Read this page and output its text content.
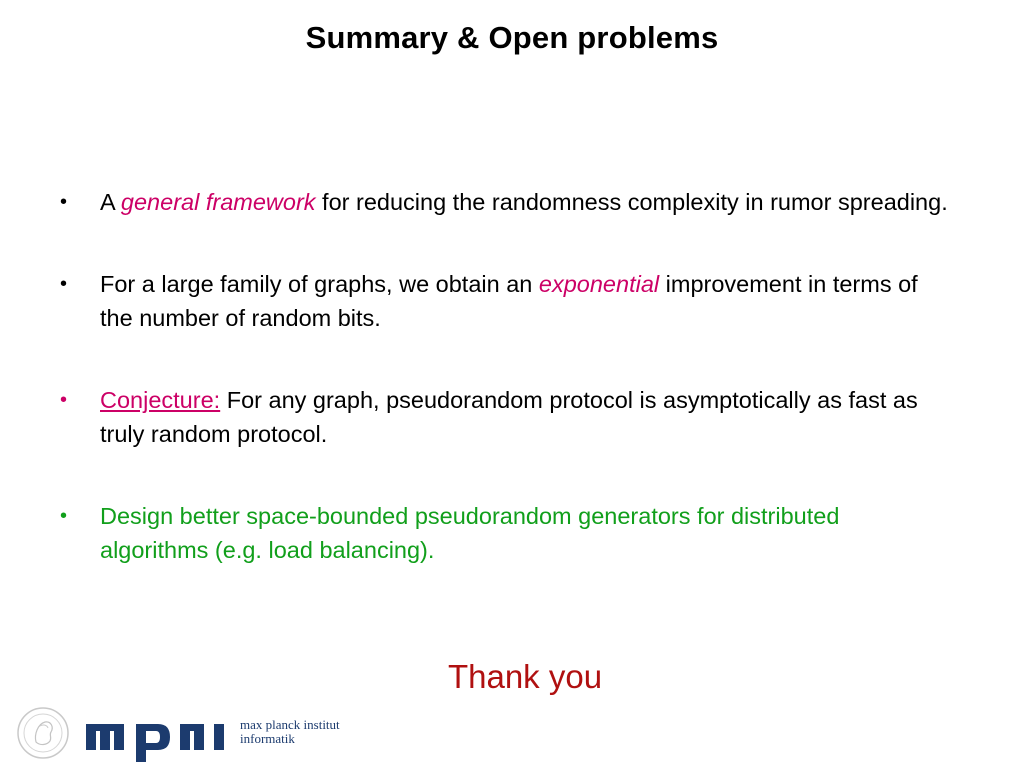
Summary & Open problems
•	A general framework for reducing the randomness complexity in rumor spreading.
•	For a large family of graphs, we obtain an exponential improvement in terms of the number of random bits.
•	Conjecture: For any graph, pseudorandom protocol is asymptotically as fast as truly random protocol.
•	Design better space-bounded pseudorandom generators for distributed algorithms (e.g. load balancing).
Thank you
max planck institut
informatik
